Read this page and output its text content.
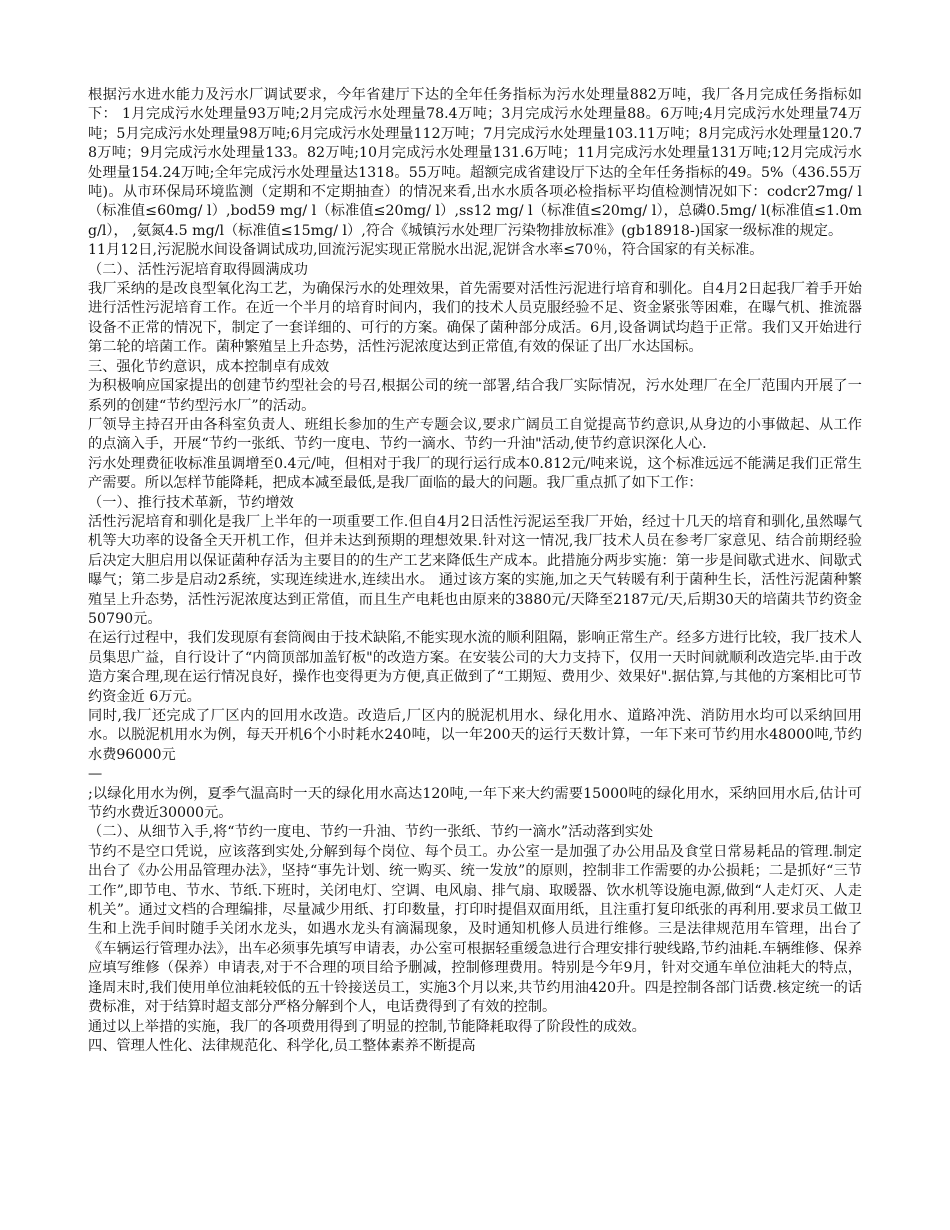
根据污水进水能力及污水厂调试要求，今年省建厅下达的全年任务指标为污水处理量882万吨，我厂各月完成任务指标如下： 1月完成污水处理量93万吨;2月完成污水处理量78.4万吨；3月完成污水处理量88。6万吨;4月完成污水处理量74万吨；5月完成污水处理量98万吨;6月完成污水处理量112万吨；7月完成污水处理量103.11万吨；8月完成污水处理量120.78万吨；9月完成污水处理量133。82万吨;10月完成污水处理量131.6万吨；11月完成污水处理量131万吨;12月完成污水处理量154.24万吨;全年完成污水处理量达1318。55万吨。超额完成省建设厅下达的全年任务指标的49。5%（436.55万吨)。从市环保局环境监测（定期和不定期抽查）的情况来看,出水水质各项必检指标平均值检测情况如下：codcr27mg/ l（标准值≤60mg/ l）,bod59 mg/ l（标准值≤20mg/ l）,ss12 mg/ l（标准值≤20mg/ l），总磷0.5mg/ l(标准值≤1.0mg/l）， ,氨氮4.5 mg/l（标准值≤15mg/ l）,符合《城镇污水处理厂污染物排放标准》(gb18918-)国家一级标准的规定。

11月12日,污泥脱水间设备调试成功,回流污泥实现正常脱水出泥,泥饼含水率≤70％，符合国家的有关标准。

（二）、活性污泥培育取得圆满成功

我厂采纳的是改良型氧化沟工艺，为确保污水的处理效果，首先需要对活性污泥进行培育和驯化。自4月2日起我厂着手开始进行活性污泥培育工作。在近一个半月的培育时间内，我们的技术人员克服经验不足、资金紧张等困难，在曝气机、推流器设备不正常的情况下，制定了一套详细的、可行的方案。确保了菌种部分成活。6月,设备调试均趋于正常。我们又开始进行第二轮的培菌工作。菌种繁殖呈上升态势，活性污泥浓度达到正常值,有效的保证了出厂水达国标。

三、强化节约意识，成本控制卓有成效

为积极响应国家提出的创建节约型社会的号召,根据公司的统一部署,结合我厂实际情况，污水处理厂在全厂范围内开展了一系列的创建“节约型污水厂”的活动。

厂领导主持召开由各科室负责人、班组长参加的生产专题会议,要求广阔员工自觉提高节约意识,从身边的小事做起、从工作的点滴入手，开展“节约一张纸、节约一度电、节约一滴水、节约一升油"活动,使节约意识深化人心.

污水处理费征收标准虽调增至0.4元/吨，但相对于我厂的现行运行成本0.812元/吨来说，这个标准远远不能满足我们正常生产需要。所以怎样节能降耗，把成本减至最低,是我厂面临的最大的问题。我厂重点抓了如下工作：

（一）、推行技术革新，节约增效

活性污泥培育和驯化是我厂上半年的一项重要工作.但自4月2日活性污泥运至我厂开始，经过十几天的培育和驯化,虽然曝气机等大功率的设备全天开机工作，但并未达到预期的理想效果.针对这一情况,我厂技术人员在参考厂家意见、结合前期经验后决定大胆启用以保证菌种存活为主要目的的生产工艺来降低生产成本。此措施分两步实施：第一步是间歇式进水、间歇式曝气；第二步是启动2系统，实现连续进水,连续出水。 通过该方案的实施,加之天气转暖有利于菌种生长，活性污泥菌种繁殖呈上升态势，活性污泥浓度达到正常值，而且生产电耗也由原来的3880元/天降至2187元/天,后期30天的培菌共节约资金50790元。

在运行过程中，我们发现原有套筒阀由于技术缺陷,不能实现水流的顺利阻隔，影响正常生产。经多方进行比较，我厂技术人员集思广益，自行设计了“内筒顶部加盖钌板"的改造方案。在安装公司的大力支持下，仅用一天时间就顺利改造完毕.由于改造方案合理,现在运行情况良好，操作也变得更为方便,真正做到了“工期短、费用少、效果好".据估算,与其他的方案相比可节约资金近 6万元。

同时,我厂还完成了厂区内的回用水改造。改造后,厂区内的脱泥机用水、绿化用水、道路冲洗、消防用水均可以采纳回用水。以脱泥机用水为例，每天开机6个小时耗水240吨，以一年200天的运行天数计算，一年下来可节约用水48000吨,节约水费96000元

—

;以绿化用水为例，夏季气温高时一天的绿化用水高达120吨,一年下来大约需要15000吨的绿化用水，采纳回用水后,估计可节约水费近30000元。

（二）、从细节入手,将“节约一度电、节约一升油、节约一张纸、节约一滴水”活动落到实处

节约不是空口凭说，应该落到实处,分解到每个岗位、每个员工。办公室一是加强了办公用品及食堂日常易耗品的管理.制定出台了《办公用品管理办法》，坚持“事先计划、统一购买、统一发放”的原则，控制非工作需要的办公损耗；二是抓好“三节工作”,即节电、节水、节纸.下班时，关闭电灯、空调、电风扇、排气扇、取暖器、饮水机等设施电源,做到“人走灯灭、人走机关”。通过文档的合理编排，尽量减少用纸、打印数量，打印时提倡双面用纸，且注重打复印纸张的再利用.要求员工做卫生和上洗手间时随手关闭水龙头，如遇水龙头有滴漏现象，及时通知机修人员进行维修。三是法律规范用车管理，出台了《车辆运行管理办法》，出车必须事先填写申请表，办公室可根据轻重缓急进行合理安排行驶线路,节约油耗.车辆维修、保养应填写维修（保养）申请表,对于不合理的项目给予删减，控制修理费用。特别是今年9月，针对交通车单位油耗大的特点，逢周末时,我们使用单位油耗较低的五十铃接送员工，实施3个月以来,共节约用油420升。四是控制各部门话费.核定统一的话费标准，对于结算时超支部分严格分解到个人，电话费得到了有效的控制。

通过以上举措的实施，我厂的各项费用得到了明显的控制,节能降耗取得了阶段性的成效。

四、管理人性化、法律规范化、科学化,员工整体素养不断提高
